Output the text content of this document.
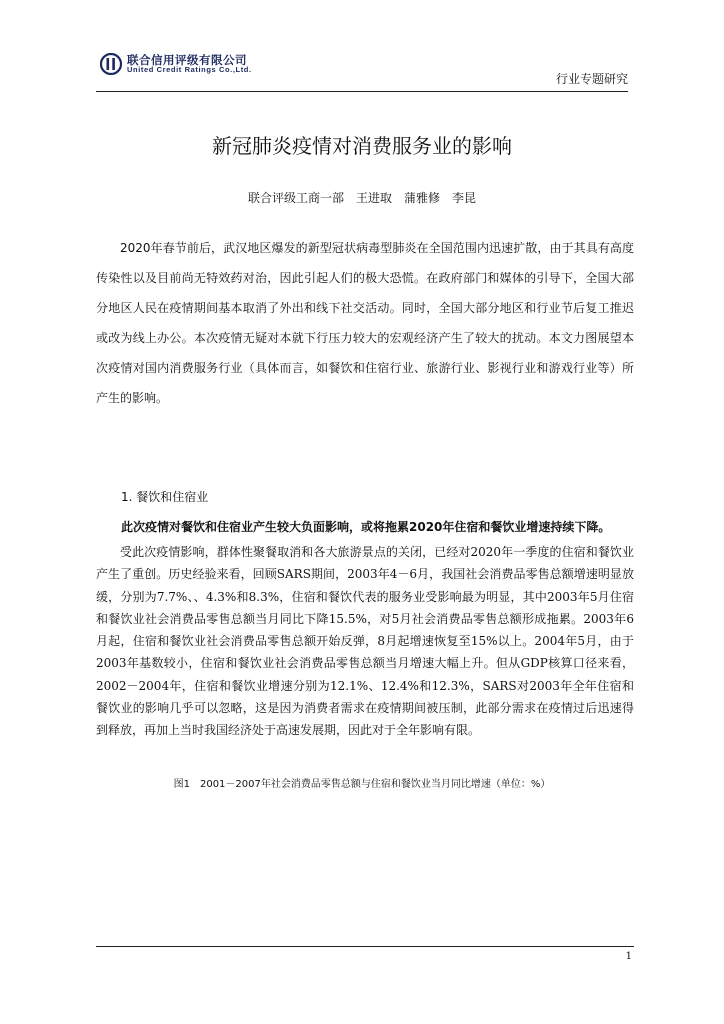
联合信用评级有限公司
United Credit Ratings Co.,Ltd.
行业专题研究
新冠肺炎疫情对消费服务业的影响
联合评级工商一部　王进取　蒲雅修　李昆

2020年春节前后，武汉地区爆发的新型冠状病毒型肺炎在全国范围内迅速扩散，由于其具有高度传染性以及目前尚无特效药对治，因此引起人们的极大恐慌。在政府部门和媒体的引导下，全国大部分地区人民在疫情期间基本取消了外出和线下社交活动。同时，全国大部分地区和行业节后复工推迟或改为线上办公。本次疫情无疑对本就下行压力较大的宏观经济产生了较大的扰动。本文力图展望本次疫情对国内消费服务行业（具体而言，如餐饮和住宿行业、旅游行业、影视行业和游戏行业等）所产生的影响。

1. 餐饮和住宿业
此次疫情对餐饮和住宿业产生较大负面影响，或将拖累2020年住宿和餐饮业增速持续下降。

受此次疫情影响，群体性聚餐取消和各大旅游景点的关闭，已经对2020年一季度的住宿和餐饮业产生了重创。历史经验来看，回顾SARS期间，2003年4－6月，我国社会消费品零售总额增速明显放缓，分别为7.7%、、4.3%和8.3%，住宿和餐饮代表的服务业受影响最为明显，其中2003年5月住宿和餐饮业社会消费品零售总额当月同比下降15.5%，对5月社会消费品零售总额形成拖累。2003年6月起，住宿和餐饮业社会消费品零售总额开始反弹，8月起增速恢复至15%以上。2004年5月，由于2003年基数较小，住宿和餐饮业社会消费品零售总额当月增速大幅上升。但从GDP核算口径来看，2002－2004年，住宿和餐饮业增速分别为12.1%、12.4%和12.3%，SARS对2003年全年住宿和餐饮业的影响几乎可以忽略，这是因为消费者需求在疫情期间被压制，此部分需求在疫情过后迅速得到释放，再加上当时我国经济处于高速发展期，因此对于全年影响有限。

图1　2001－2007年社会消费品零售总额与住宿和餐饮业当月同比增速（单位：%）
1
